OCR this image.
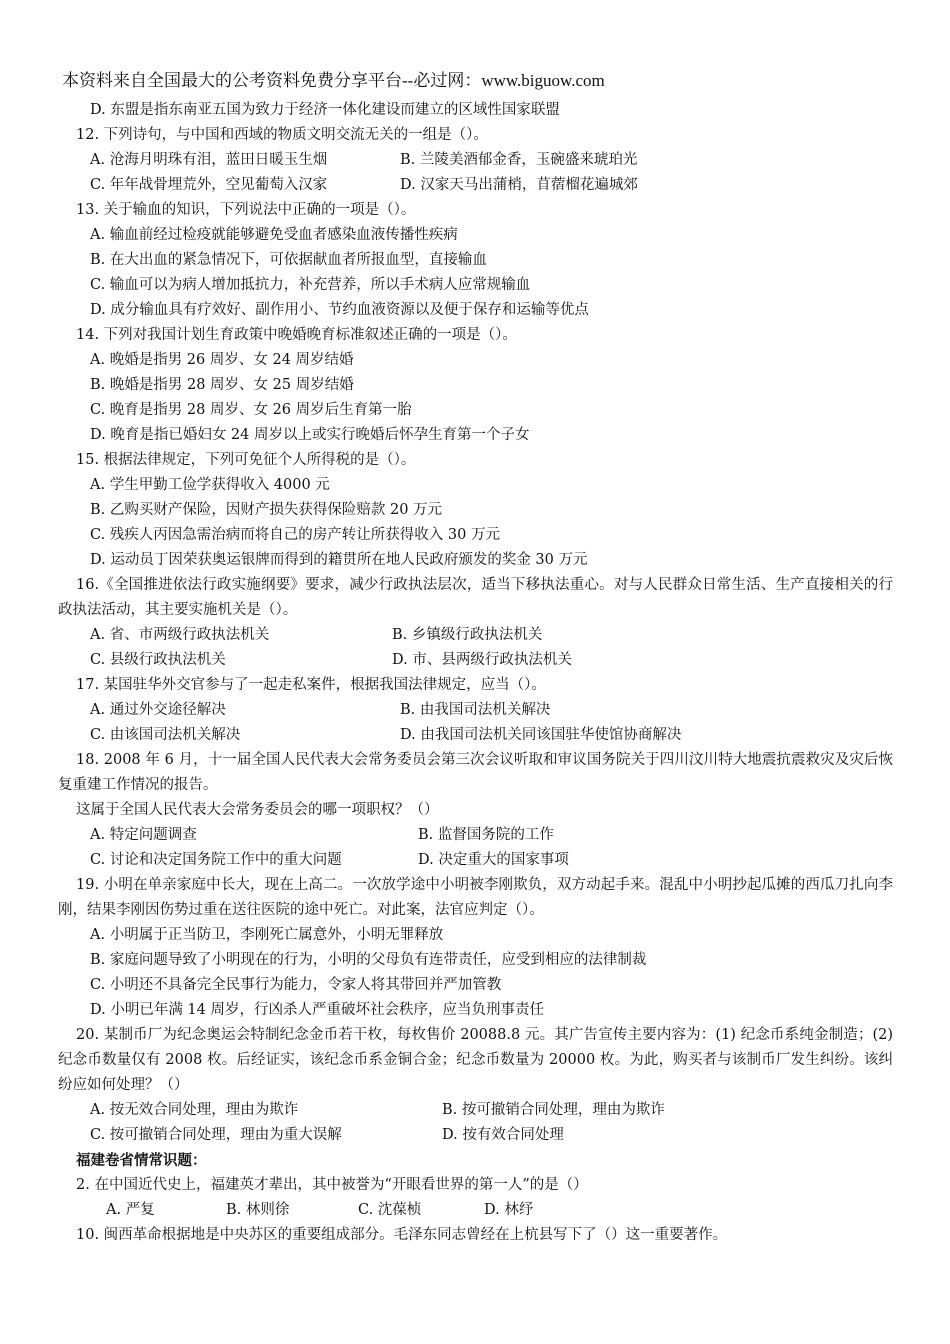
本资料来自全国最大的公考资料免费分享平台--必过网：www.biguow.com
D. 东盟是指东南亚五国为致力于经济一体化建设而建立的区域性国家联盟
12. 下列诗句，与中国和西域的物质文明交流无关的一组是（）。
A. 沧海月明珠有泪，蓝田日暖玉生烟	B. 兰陵美酒郁金香，玉碗盛来琥珀光
C. 年年战骨埋荒外，空见葡萄入汉家	D. 汉家天马出蒲梢，苜蓿榴花遍城郊
13. 关于输血的知识，下列说法中正确的一项是（）。
A. 输血前经过检疫就能够避免受血者感染血液传播性疾病
B. 在大出血的紧急情况下，可依据献血者所报血型，直接输血
C. 输血可以为病人增加抵抗力，补充营养，所以手术病人应常规输血
D. 成分输血具有疗效好、副作用小、节约血液资源以及便于保存和运输等优点
14. 下列对我国计划生育政策中晚婚晚育标准叙述正确的一项是（）。
A. 晚婚是指男 26 周岁、女 24 周岁结婚
B. 晚婚是指男 28 周岁、女 25 周岁结婚
C. 晚育是指男 28 周岁、女 26 周岁后生育第一胎
D. 晚育是指已婚妇女 24 周岁以上或实行晚婚后怀孕生育第一个子女
15. 根据法律规定，下列可免征个人所得税的是（）。
A. 学生甲勤工俭学获得收入 4000 元
B. 乙购买财产保险，因财产损失获得保险赔款 20 万元
C. 残疾人丙因急需治病而将自己的房产转让所获得收入 30 万元
D. 运动员丁因荣获奥运银牌而得到的籍贯所在地人民政府颁发的奖金 30 万元
16.《全国推进依法行政实施纲要》要求，减少行政执法层次，适当下移执法重心。对与人民群众日常生活、生产直接相关的行政执法活动，其主要实施机关是（）。
A. 省、市两级行政执法机关	B. 乡镇级行政执法机关
C. 县级行政执法机关	D. 市、县两级行政执法机关
17. 某国驻华外交官参与了一起走私案件，根据我国法律规定，应当（）。
A. 通过外交途径解决	B. 由我国司法机关解决
C. 由该国司法机关解决	D. 由我国司法机关同该国驻华使馆协商解决
18. 2008 年 6 月，十一届全国人民代表大会常务委员会第三次会议听取和审议国务院关于四川汶川特大地震抗震救灾及灾后恢复重建工作情况的报告。
这属于全国人民代表大会常务委员会的哪一项职权？（）
A. 特定问题调查	B. 监督国务院的工作
C. 讨论和决定国务院工作中的重大问题	D. 决定重大的国家事项
19. 小明在单亲家庭中长大，现在上高二。一次放学途中小明被李刚欺负，双方动起手来。混乱中小明抄起瓜摊的西瓜刀扎向李刚，结果李刚因伤势过重在送往医院的途中死亡。对此案，法官应判定（）。
A. 小明属于正当防卫，李刚死亡属意外，小明无罪释放
B. 家庭问题导致了小明现在的行为，小明的父母负有连带责任，应受到相应的法律制裁
C. 小明还不具备完全民事行为能力，令家人将其带回并严加管教
D. 小明已年满 14 周岁，行凶杀人严重破坏社会秩序，应当负刑事责任
20. 某制币厂为纪念奥运会特制纪念金币若干枚，每枚售价 20088.8 元。其广告宣传主要内容为：(1) 纪念币系纯金制造；(2) 纪念币数量仅有 2008 枚。后经证实，该纪念币系金铜合金；纪念币数量为 20000 枚。为此，购买者与该制币厂发生纠纷。该纠纷应如何处理？（）
A. 按无效合同处理，理由为欺诈	B. 按可撤销合同处理，理由为欺诈
C. 按可撤销合同处理，理由为重大误解	D. 按有效合同处理
福建卷省情常识题：
2. 在中国近代史上，福建英才辈出，其中被誉为“开眼看世界的第一人”的是（）
A. 严复	B. 林则徐	C. 沈葆桢	D. 林纾
10. 闽西革命根据地是中央苏区的重要组成部分。毛泽东同志曾经在上杭县写下了（）这一重要著作。
